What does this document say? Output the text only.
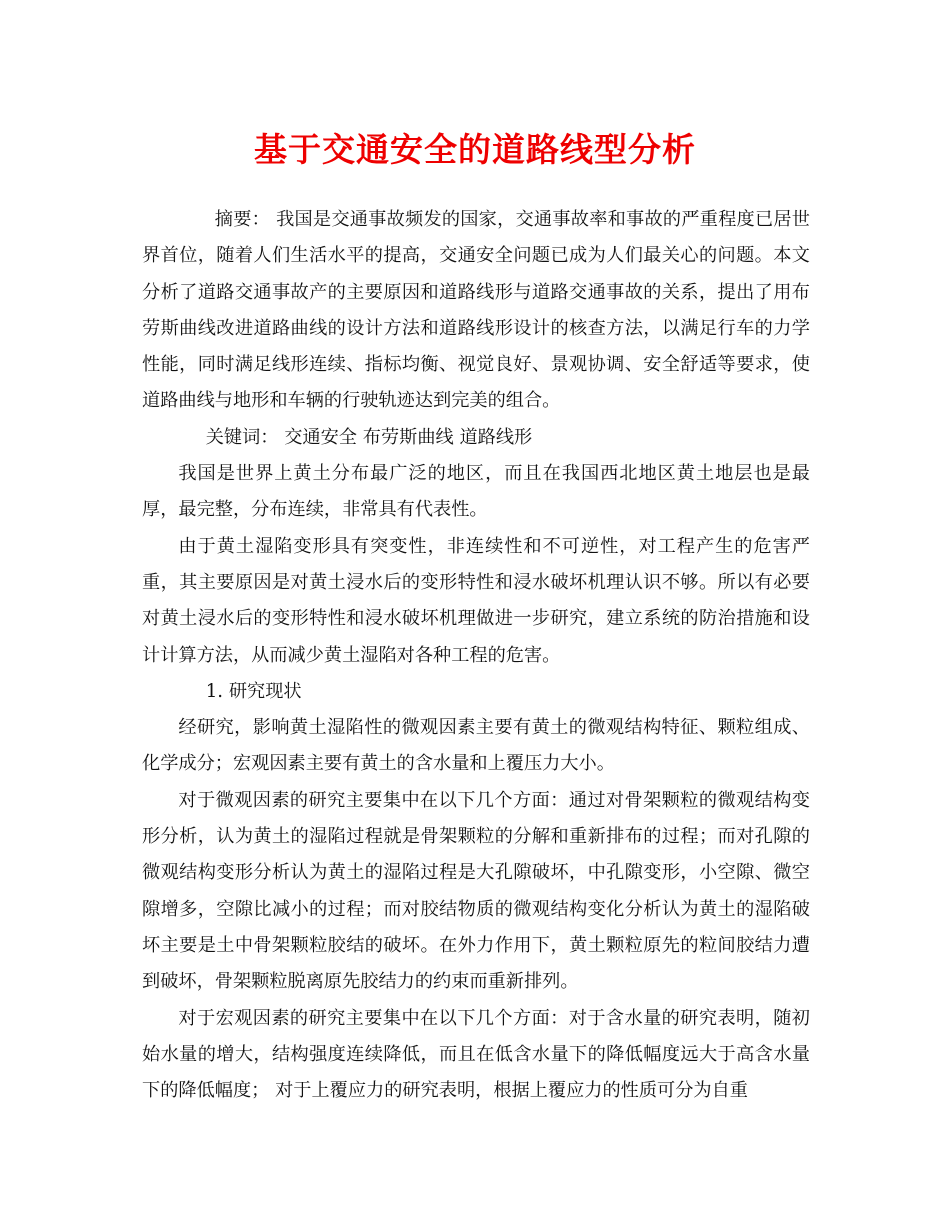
基于交通安全的道路线型分析

摘要： 我国是交通事故频发的国家，交通事故率和事故的严重程度已居世界首位，随着人们生活水平的提高，交通安全问题已成为人们最关心的问题。本文分析了道路交通事故产的主要原因和道路线形与道路交通事故的关系，提出了用布劳斯曲线改进道路曲线的设计方法和道路线形设计的核查方法，以满足行车的力学性能，同时满足线形连续、指标均衡、视觉良好、景观协调、安全舒适等要求，使道路曲线与地形和车辆的行驶轨迹达到完美的组合。

关键词： 交通安全 布劳斯曲线 道路线形

我国是世界上黄土分布最广泛的地区，而且在我国西北地区黄土地层也是最厚，最完整，分布连续，非常具有代表性。

由于黄土湿陷变形具有突变性，非连续性和不可逆性，对工程产生的危害严重，其主要原因是对黄土浸水后的变形特性和浸水破坏机理认识不够。所以有必要对黄土浸水后的变形特性和浸水破坏机理做进一步研究，建立系统的防治措施和设计计算方法，从而减少黄土湿陷对各种工程的危害。

1. 研究现状

经研究，影响黄土湿陷性的微观因素主要有黄土的微观结构特征、颗粒组成、化学成分；宏观因素主要有黄土的含水量和上覆压力大小。

对于微观因素的研究主要集中在以下几个方面：通过对骨架颗粒的微观结构变形分析，认为黄土的湿陷过程就是骨架颗粒的分解和重新排布的过程；而对孔隙的微观结构变形分析认为黄土的湿陷过程是大孔隙破坏，中孔隙变形，小空隙、微空隙增多，空隙比减小的过程；而对胶结物质的微观结构变化分析认为黄土的湿陷破坏主要是土中骨架颗粒胶结的破坏。在外力作用下，黄土颗粒原先的粒间胶结力遭到破坏，骨架颗粒脱离原先胶结力的约束而重新排列。

对于宏观因素的研究主要集中在以下几个方面：对于含水量的研究表明，随初始水量的增大，结构强度连续降低，而且在低含水量下的降低幅度远大于高含水量下的降低幅度； 对于上覆应力的研究表明，根据上覆应力的性质可分为自重
